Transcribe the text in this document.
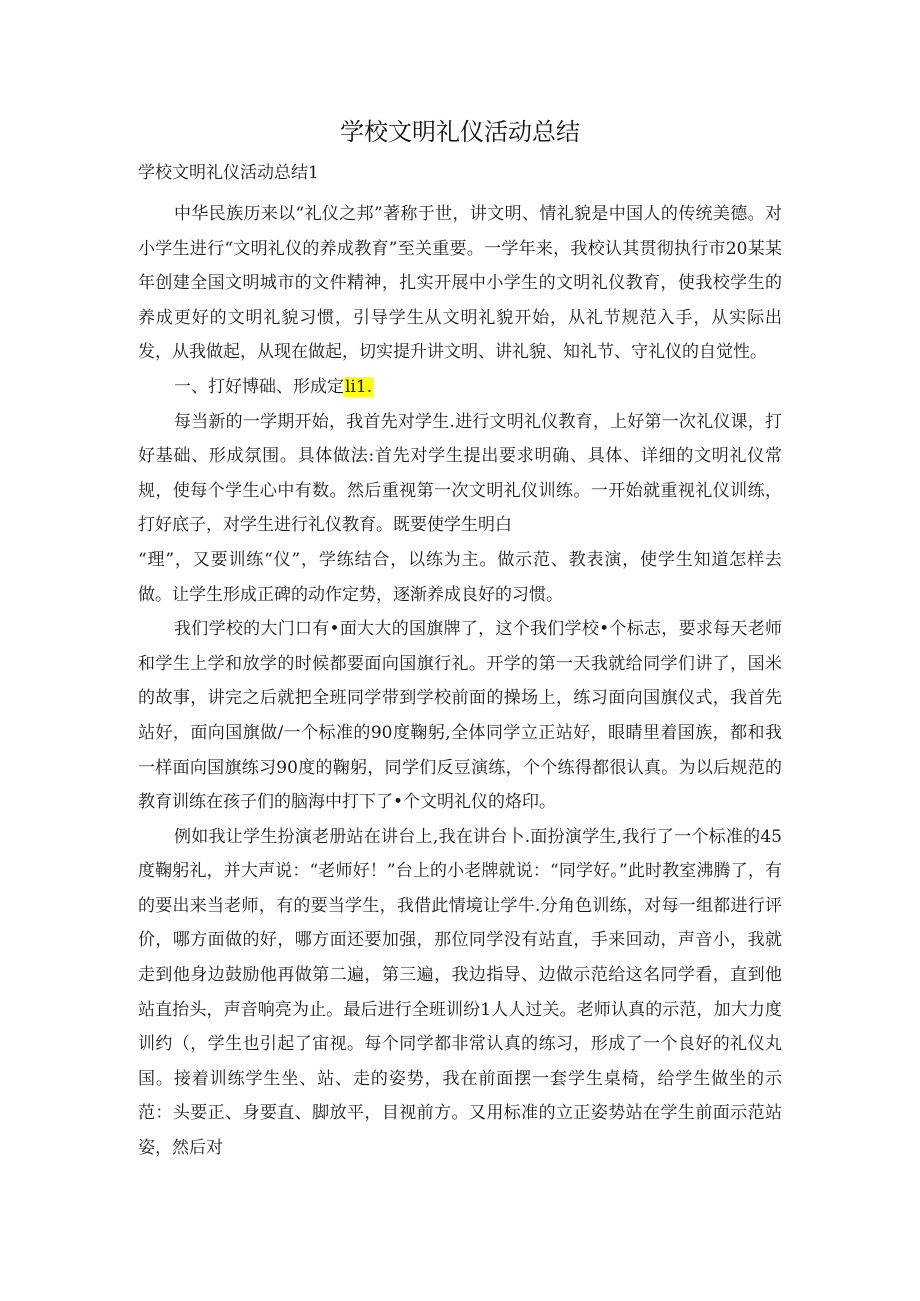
学校文明礼仪活动总结
学校文明礼仪活动总结1

中华民族历来以“礼仪之邦”著称于世，讲文明、情礼貌是中国人的传统美德。对小学生进行“文明礼仪的养成教育”至关重要。一学年来，我校认其贯彻执行市20某某年创建全国文明城市的文件精神，扎实开展中小学生的文明礼仪教育，使我校学生的养成更好的文明礼貌习惯，引导学生从文明礼貌开始，从礼节规范入手，从实际出发，从我做起，从现在做起，切实提升讲文明、讲礼貌、知礼节、守礼仪的自觉性。

一、打好博础、形成定li1.

每当新的一学期开始，我首先对学生.进行文明礼仪教育，上好第一次礼仪课，打好基础、形成氛围。具体做法:首先对学生提出要求明确、具体、详细的文明礼仪常规，使每个学生心中有数。然后重视第一次文明礼仪训练。一开始就重视礼仪训练，打好底子，对学生进行礼仪教育。既要使学生明白

“理”，又要训练“仪”，学练结合，以练为主。做示范、教表演，使学生知道怎样去做。让学生形成正碑的动作定势，逐渐养成良好的习惯。

我们学校的大门口有•面大大的国旗牌了，这个我们学校•个标志，要求每天老师和学生上学和放学的时候都要面向国旗行礼。开学的第一天我就给同学们讲了，国米的故事，讲完之后就把全班同学带到学校前面的操场上，练习面向国旗仪式，我首先站好，面向国旗做/一个标准的90度鞠躬,全体同学立正站好，眼睛里着国族，都和我一样面向国旗练习90度的鞠躬，同学们反豆演练，个个练得都很认真。为以后规范的教育训练在孩子们的脑海中打下了•个文明礼仪的烙印。

例如我让学生扮演老册站在讲台上,我在讲台卜.面扮演学生,我行了一个标准的45度鞠躬礼，并大声说：“老师好！”台上的小老牌就说：“同学好。”此时教室沸腾了，有的要出来当老师，有的要当学生，我借此情境让学牛.分角色训练，对每一组都进行评价，哪方面做的好，哪方面还要加强，那位同学没有站直，手来回动，声音小，我就走到他身边鼓励他再做第二遍，第三遍，我边指导、边做示范给这名同学看，直到他站直抬头，声音响亮为止。最后进行全班训纷1人人过关。老师认真的示范，加大力度训约（，学生也引起了宙视。每个同学都非常认真的练习，形成了一个良好的礼仪丸国。接着训练学生坐、站、走的姿势，我在前面摆一套学生桌椅，给学生做坐的示范：头要正、身要直、脚放平，目视前方。又用标准的立正姿势站在学生前面示范站姿，然后对
